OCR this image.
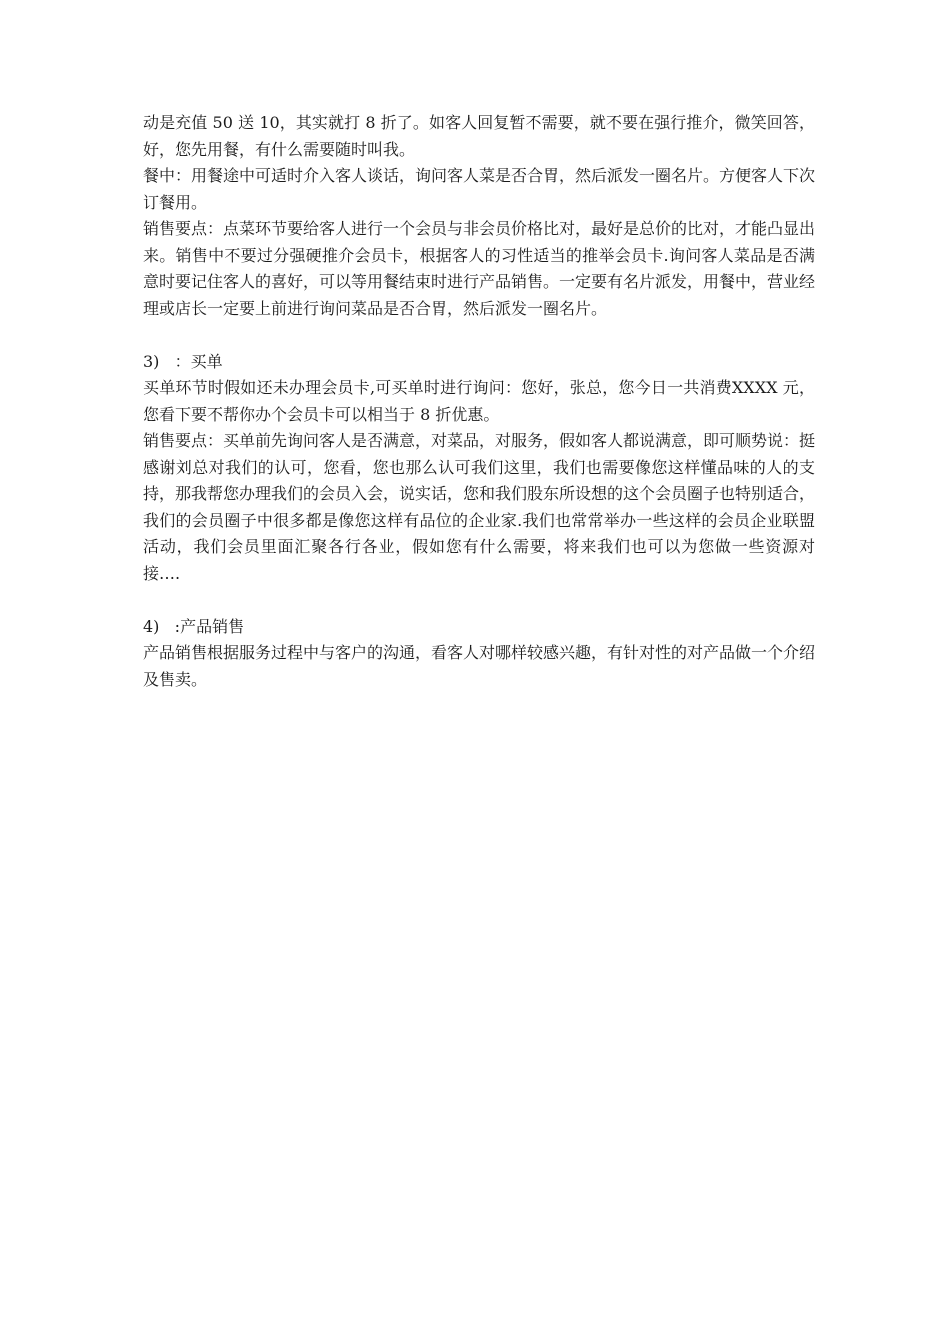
动是充值 50 送 10，其实就打 8 折了。如客人回复暂不需要，就不要在强行推介，微笑回答，好，您先用餐，有什么需要随时叫我。

餐中：用餐途中可适时介入客人谈话，询问客人菜是否合胃，然后派发一圈名片。方便客人下次订餐用。

销售要点：点菜环节要给客人进行一个会员与非会员价格比对，最好是总价的比对，才能凸显出来。销售中不要过分强硬推介会员卡，根据客人的习性适当的推举会员卡.询问客人菜品是否满意时要记住客人的喜好，可以等用餐结束时进行产品销售。一定要有名片派发，用餐中，营业经理或店长一定要上前进行询问菜品是否合胃，然后派发一圈名片。

3)   ：买单

买单环节时假如还未办理会员卡,可买单时进行询问：您好，张总，您今日一共消费XXXX 元，您看下要不帮你办个会员卡可以相当于 8 折优惠。

销售要点：买单前先询问客人是否满意，对菜品，对服务，假如客人都说满意，即可顺势说：挺感谢刘总对我们的认可，您看，您也那么认可我们这里，我们也需要像您这样懂品味的人的支持，那我帮您办理我们的会员入会，说实话，您和我们股东所设想的这个会员圈子也特别适合，我们的会员圈子中很多都是像您这样有品位的企业家.我们也常常举办一些这样的会员企业联盟活动，我们会员里面汇聚各行各业，假如您有什么需要，将来我们也可以为您做一些资源对接….

4)   :产品销售

产品销售根据服务过程中与客户的沟通，看客人对哪样较感兴趣，有针对性的对产品做一个介绍及售卖。
